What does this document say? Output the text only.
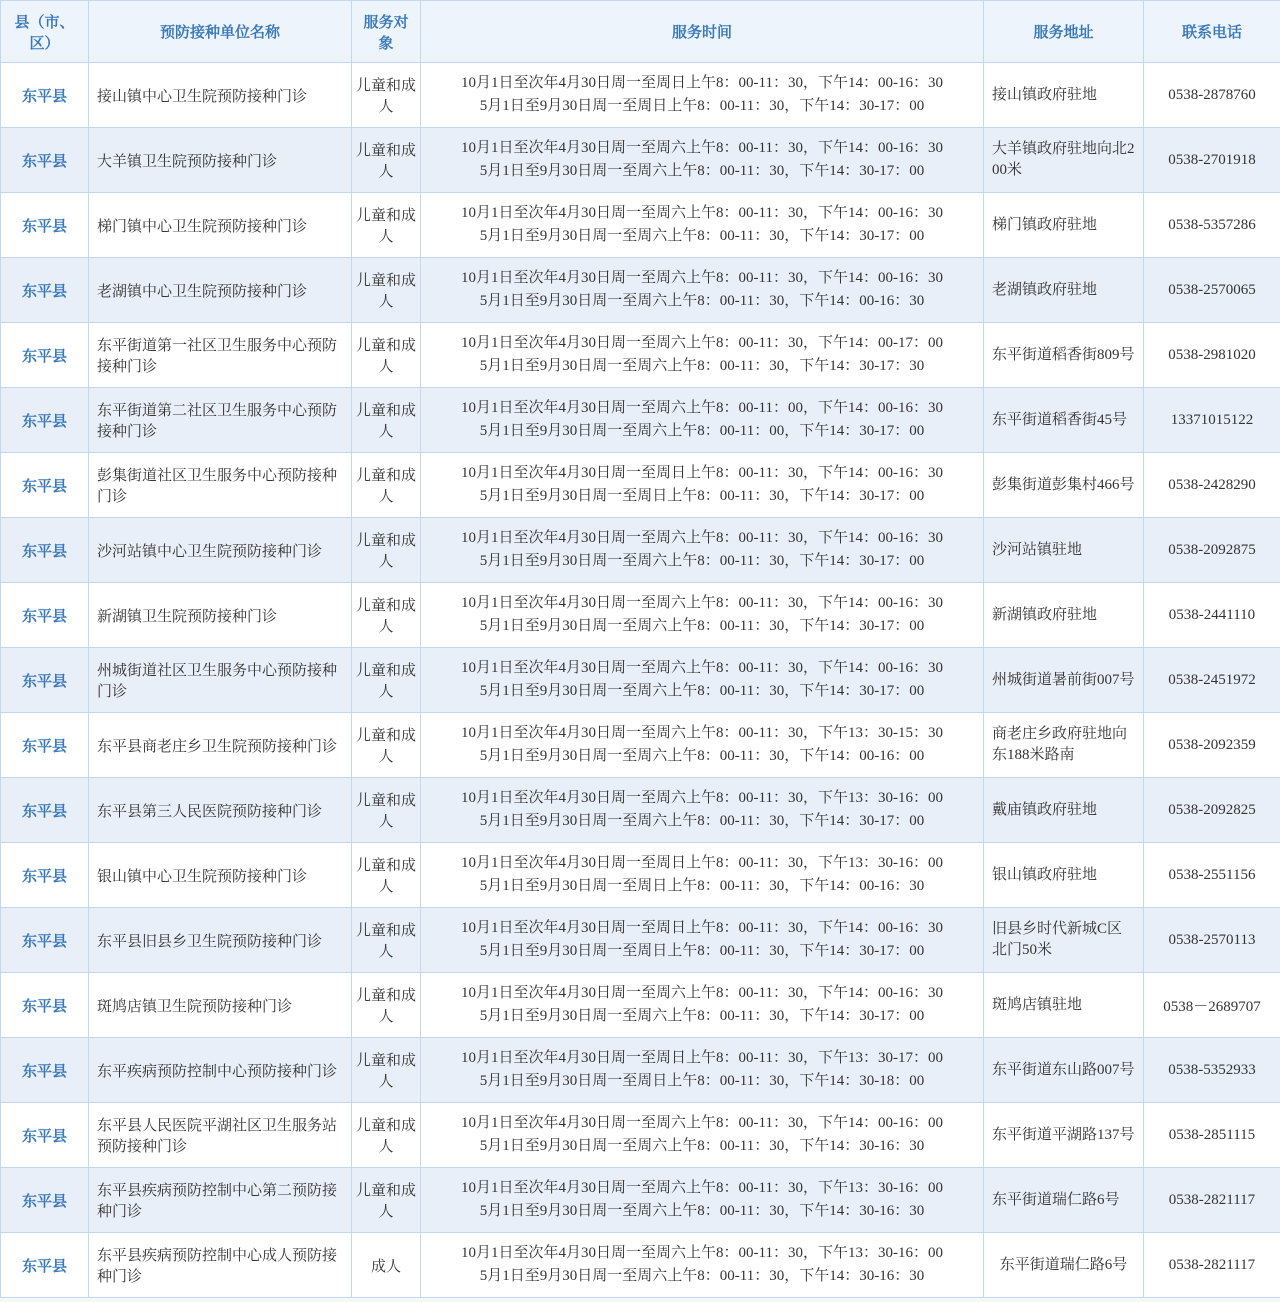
县（市、区）	预防接种单位名称	服务对象	服务时间	服务地址	联系电话
东平县	接山镇中心卫生院预防接种门诊	儿童和成人	10月1日至次年4月30日周一至周日上午8：00-11：30，下午14：00-16：30
5月1日至9月30日周一至周日上午8：00-11：30，下午14：30-17：00	接山镇政府驻地	0538-2878760
东平县	大羊镇卫生院预防接种门诊	儿童和成人	10月1日至次年4月30日周一至周六上午8：00-11：30，下午14：00-16：30
5月1日至9月30日周一至周六上午8：00-11：30，下午14：30-17：00	大羊镇政府驻地向北200米	0538-2701918
东平县	梯门镇中心卫生院预防接种门诊	儿童和成人	10月1日至次年4月30日周一至周六上午8：00-11：30，下午14：00-16：30
5月1日至9月30日周一至周六上午8：00-11：30，下午14：30-17：00	梯门镇政府驻地	0538-5357286
东平县	老湖镇中心卫生院预防接种门诊	儿童和成人	10月1日至次年4月30日周一至周六上午8：00-11：30，下午14：00-16：30
5月1日至9月30日周一至周六上午8：00-11：30，下午14：00-16：30	老湖镇政府驻地	0538-2570065
东平县	东平街道第一社区卫生服务中心预防接种门诊	儿童和成人	10月1日至次年4月30日周一至周六上午8：00-11：30，下午14：00-17：00
5月1日至9月30日周一至周六上午8：00-11：30，下午14：30-17：30	东平街道稻香街809号	0538-2981020
东平县	东平街道第二社区卫生服务中心预防接种门诊	儿童和成人	10月1日至次年4月30日周一至周六上午8：00-11：00，下午14：00-16：30
5月1日至9月30日周一至周六上午8：00-11：00，下午14：30-17：00	东平街道稻香街45号	13371015122
东平县	彭集街道社区卫生服务中心预防接种门诊	儿童和成人	10月1日至次年4月30日周一至周日上午8：00-11：30，下午14：00-16：30
5月1日至9月30日周一至周日上午8：00-11：30，下午14：30-17：00	彭集街道彭集村466号	0538-2428290
东平县	沙河站镇中心卫生院预防接种门诊	儿童和成人	10月1日至次年4月30日周一至周六上午8：00-11：30，下午14：00-16：30
5月1日至9月30日周一至周六上午8：00-11：30，下午14：30-17：00	沙河站镇驻地	0538-2092875
东平县	新湖镇卫生院预防接种门诊	儿童和成人	10月1日至次年4月30日周一至周六上午8：00-11：30，下午14：00-16：30
5月1日至9月30日周一至周六上午8：00-11：30，下午14：30-17：00	新湖镇政府驻地	0538-2441110
东平县	州城街道社区卫生服务中心预防接种门诊	儿童和成人	10月1日至次年4月30日周一至周六上午8：00-11：30，下午14：00-16：30
5月1日至9月30日周一至周六上午8：00-11：30，下午14：30-17：00	州城街道暑前街007号	0538-2451972
东平县	东平县商老庄乡卫生院预防接种门诊	儿童和成人	10月1日至次年4月30日周一至周六上午8：00-11：30，下午13：30-15：30
5月1日至9月30日周一至周六上午8：00-11：30，下午14：00-16：00	商老庄乡政府驻地向东188米路南	0538-2092359
东平县	东平县第三人民医院预防接种门诊	儿童和成人	10月1日至次年4月30日周一至周六上午8：00-11：30，下午13：30-16：00
5月1日至9月30日周一至周六上午8：00-11：30，下午14：30-17：00	戴庙镇政府驻地	0538-2092825
东平县	银山镇中心卫生院预防接种门诊	儿童和成人	10月1日至次年4月30日周一至周日上午8：00-11：30，下午13：30-16：00
5月1日至9月30日周一至周日上午8：00-11：30，下午14：00-16：30	银山镇政府驻地	0538-2551156
东平县	东平县旧县乡卫生院预防接种门诊	儿童和成人	10月1日至次年4月30日周一至周日上午8：00-11：30，下午14：00-16：30
5月1日至9月30日周一至周日上午8：00-11：30，下午14：30-17：00	旧县乡时代新城C区北门50米	0538-2570113
东平县	斑鸠店镇卫生院预防接种门诊	儿童和成人	10月1日至次年4月30日周一至周六上午8：00-11：30，下午14：00-16：30
5月1日至9月30日周一至周六上午8：00-11：30，下午14：30-17：00	斑鸠店镇驻地	0538－2689707
东平县	东平疾病预防控制中心预防接种门诊	儿童和成人	10月1日至次年4月30日周一至周日上午8：00-11：30，下午13：30-17：00
5月1日至9月30日周一至周日上午8：00-11：30，下午14：30-18：00	东平街道东山路007号	0538-5352933
东平县	东平县人民医院平湖社区卫生服务站预防接种门诊	儿童和成人	10月1日至次年4月30日周一至周六上午8：00-11：30，下午14：00-16：00
5月1日至9月30日周一至周六上午8：00-11：30，下午14：30-16：30	东平街道平湖路137号	0538-2851115
东平县	东平县疾病预防控制中心第二预防接种门诊	儿童和成人	10月1日至次年4月30日周一至周六上午8：00-11：30，下午13：30-16：00
5月1日至9月30日周一至周六上午8：00-11：30，下午14：30-16：30	东平街道瑞仁路6号	0538-2821117
东平县	东平县疾病预防控制中心成人预防接种门诊	成人	10月1日至次年4月30日周一至周六上午8：00-11：30，下午13：30-16：00
5月1日至9月30日周一至周六上午8：00-11：30，下午14：30-16：30	东平街道瑞仁路6号	0538-2821117
